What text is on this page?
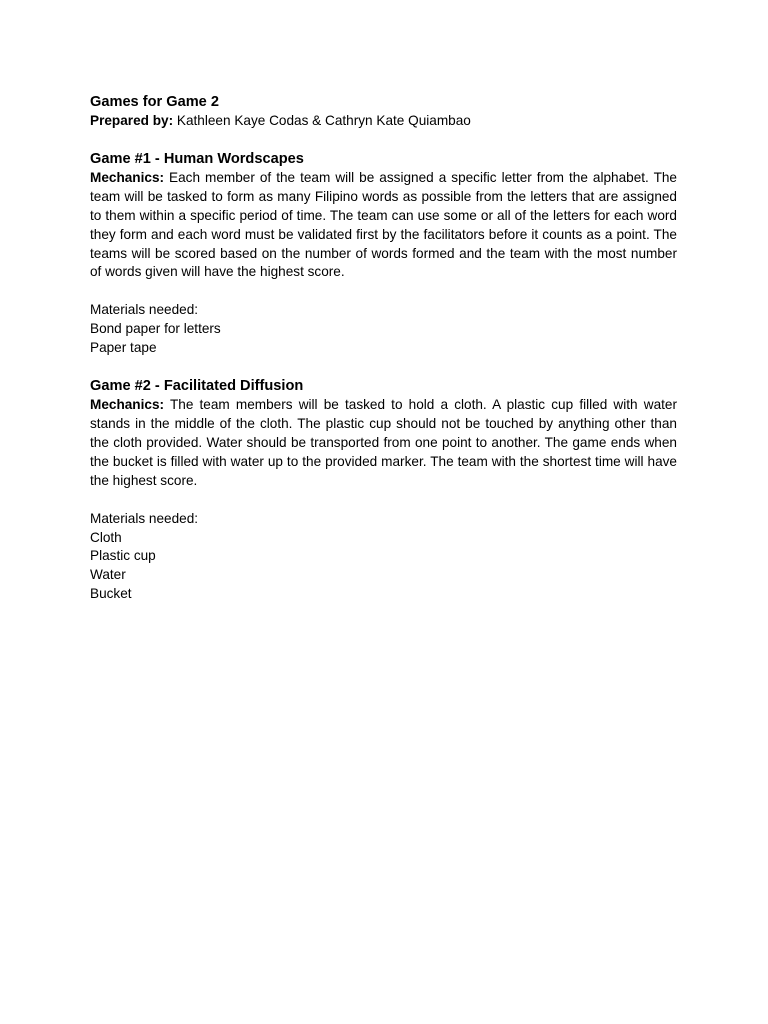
Games for Game 2

Prepared by: Kathleen Kaye Codas & Cathryn Kate Quiambao

Game #1 - Human Wordscapes

Mechanics: Each member of the team will be assigned a specific letter from the alphabet. The team will be tasked to form as many Filipino words as possible from the letters that are assigned to them within a specific period of time. The team can use some or all of the letters for each word they form and each word must be validated first by the facilitators before it counts as a point. The teams will be scored based on the number of words formed and the team with the most number of words given will have the highest score.

Materials needed:

Bond paper for letters
Paper tape

Game #2 - Facilitated Diffusion

Mechanics: The team members will be tasked to hold a cloth. A plastic cup filled with water stands in the middle of the cloth. The plastic cup should not be touched by anything other than the cloth provided. Water should be transported from one point to another. The game ends when the bucket is filled with water up to the provided marker. The team with the shortest time will have the highest score.

Materials needed:

Cloth
Plastic cup
Water
Bucket
